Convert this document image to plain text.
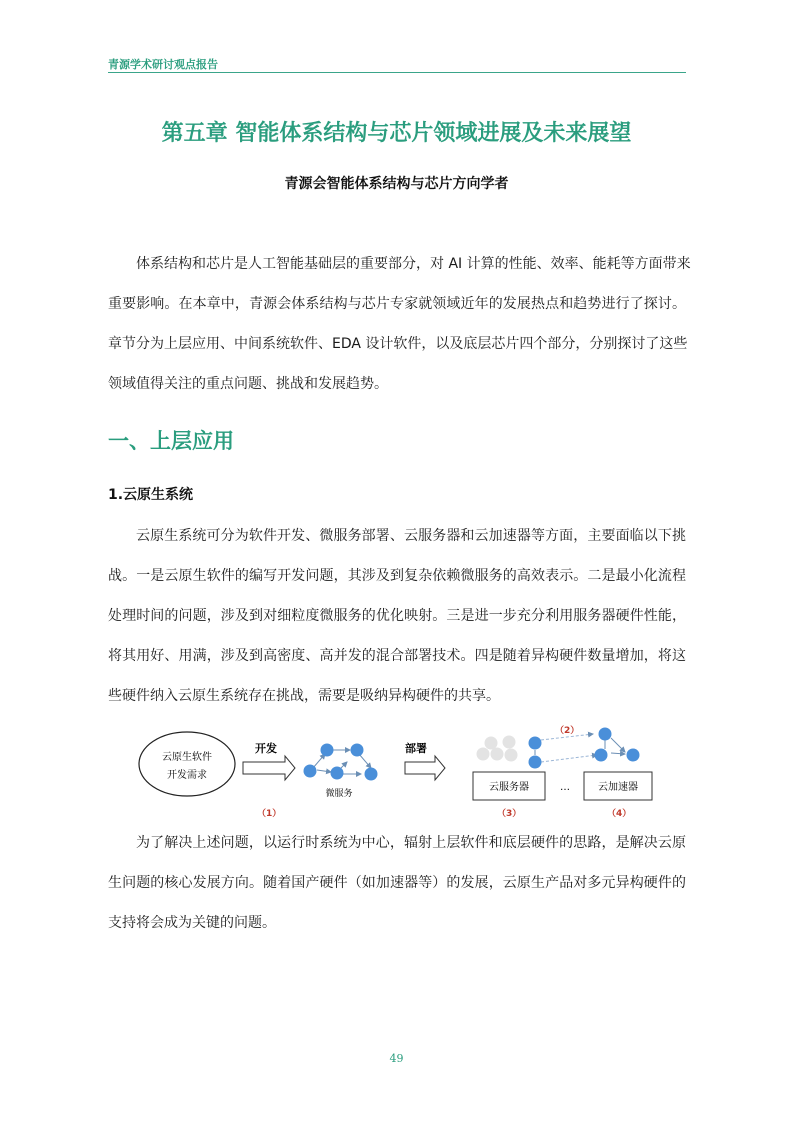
青源学术研讨观点报告
第五章 智能体系结构与芯片领域进展及未来展望
青源会智能体系结构与芯片方向学者
体系结构和芯片是人工智能基础层的重要部分，对 AI 计算的性能、效率、能耗等方面带来
重要影响。在本章中，青源会体系结构与芯片专家就领域近年的发展热点和趋势进行了探讨。
章节分为上层应用、中间系统软件、EDA 设计软件，以及底层芯片四个部分，分别探讨了这些
领域值得关注的重点问题、挑战和发展趋势。
一、上层应用
1.云原生系统
云原生系统可分为软件开发、微服务部署、云服务器和云加速器等方面，主要面临以下挑
战。一是云原生软件的编写开发问题，其涉及到复杂依赖微服务的高效表示。二是最小化流程
处理时间的问题，涉及到对细粒度微服务的优化映射。三是进一步充分利用服务器硬件性能，
将其用好、用满，涉及到高密度、高并发的混合部署技术。四是随着异构硬件数量增加，将这
些硬件纳入云原生系统存在挑战，需要是吸纳异构硬件的共享。
云原生软件
开发需求
开发
（1）
微服务
部署
（2）
云服务器	…	云加速器
（3）	（4）
为了解决上述问题，以运行时系统为中心，辐射上层软件和底层硬件的思路，是解决云原
生问题的核心发展方向。随着国产硬件（如加速器等）的发展，云原生产品对多元异构硬件的
支持将会成为关键的问题。
49
